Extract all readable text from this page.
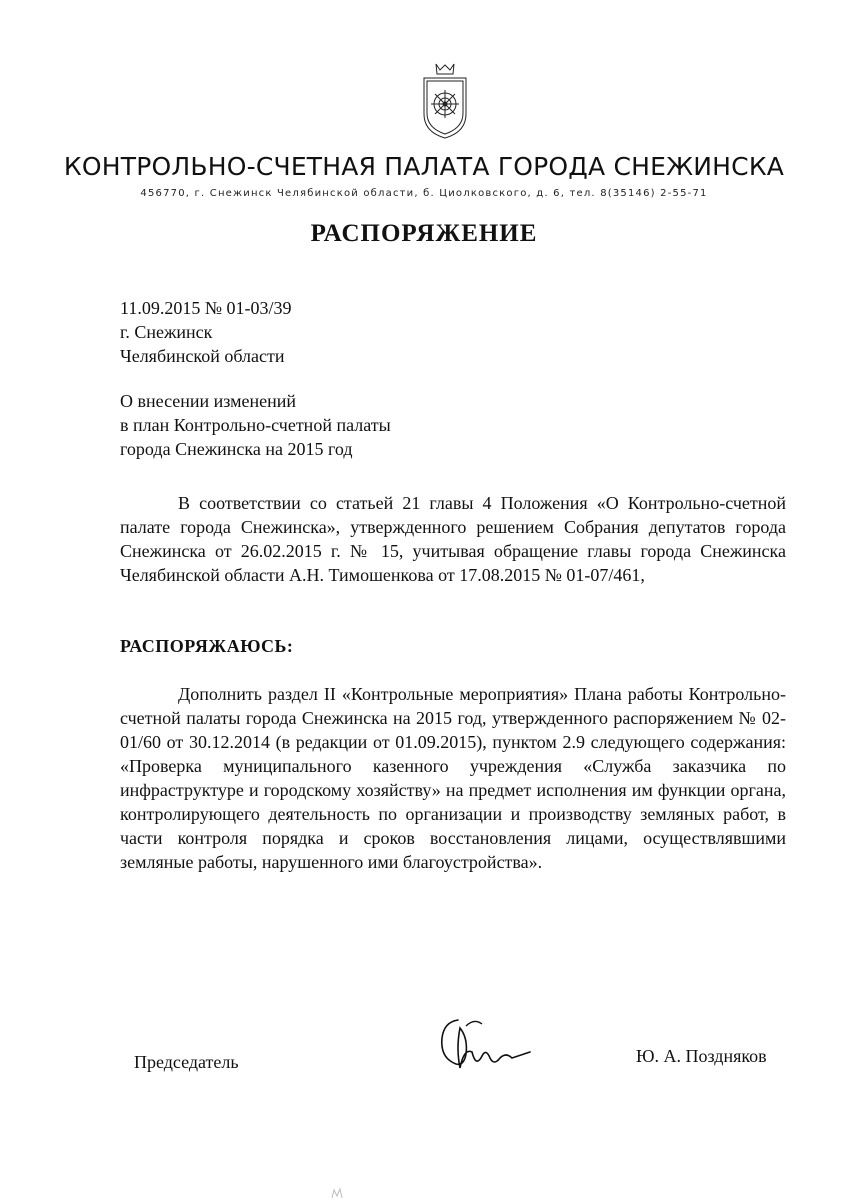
КОНТРОЛЬНО-СЧЕТНАЯ ПАЛАТА ГОРОДА СНЕЖИНСКА
456770, г. Снежинск Челябинской области, б. Циолковского, д. 6, тел. 8(35146) 2-55-71
РАСПОРЯЖЕНИЕ
11.09.2015 № 01-03/39
г. Снежинск
Челябинской области
О внесении изменений
в план Контрольно-счетной палаты
города Снежинска на 2015 год
В соответствии со статьей 21 главы 4 Положения «О Контрольно-счетной палате города Снежинска», утвержденного решением Собрания депутатов города Снежинска от 26.02.2015 г. № 15, учитывая обращение главы города Снежинска Челябинской области А.Н. Тимошенкова от 17.08.2015 № 01-07/461,
РАСПОРЯЖАЮСЬ:
Дополнить раздел II «Контрольные мероприятия» Плана работы Контрольно-счетной палаты города Снежинска на 2015 год, утвержденного распоряжением № 02-01/60 от 30.12.2014 (в редакции от 01.09.2015), пунктом 2.9 следующего содержания: «Проверка муниципального казенного учреждения «Служба заказчика по инфраструктуре и городскому хозяйству» на предмет исполнения им функции органа, контролирующего деятельность по организации и производству земляных работ, в части контроля порядка и сроков восстановления лицами, осуществлявшими земляные работы, нарушенного ими благоустройства».
Председатель	Ю. А. Поздняков
